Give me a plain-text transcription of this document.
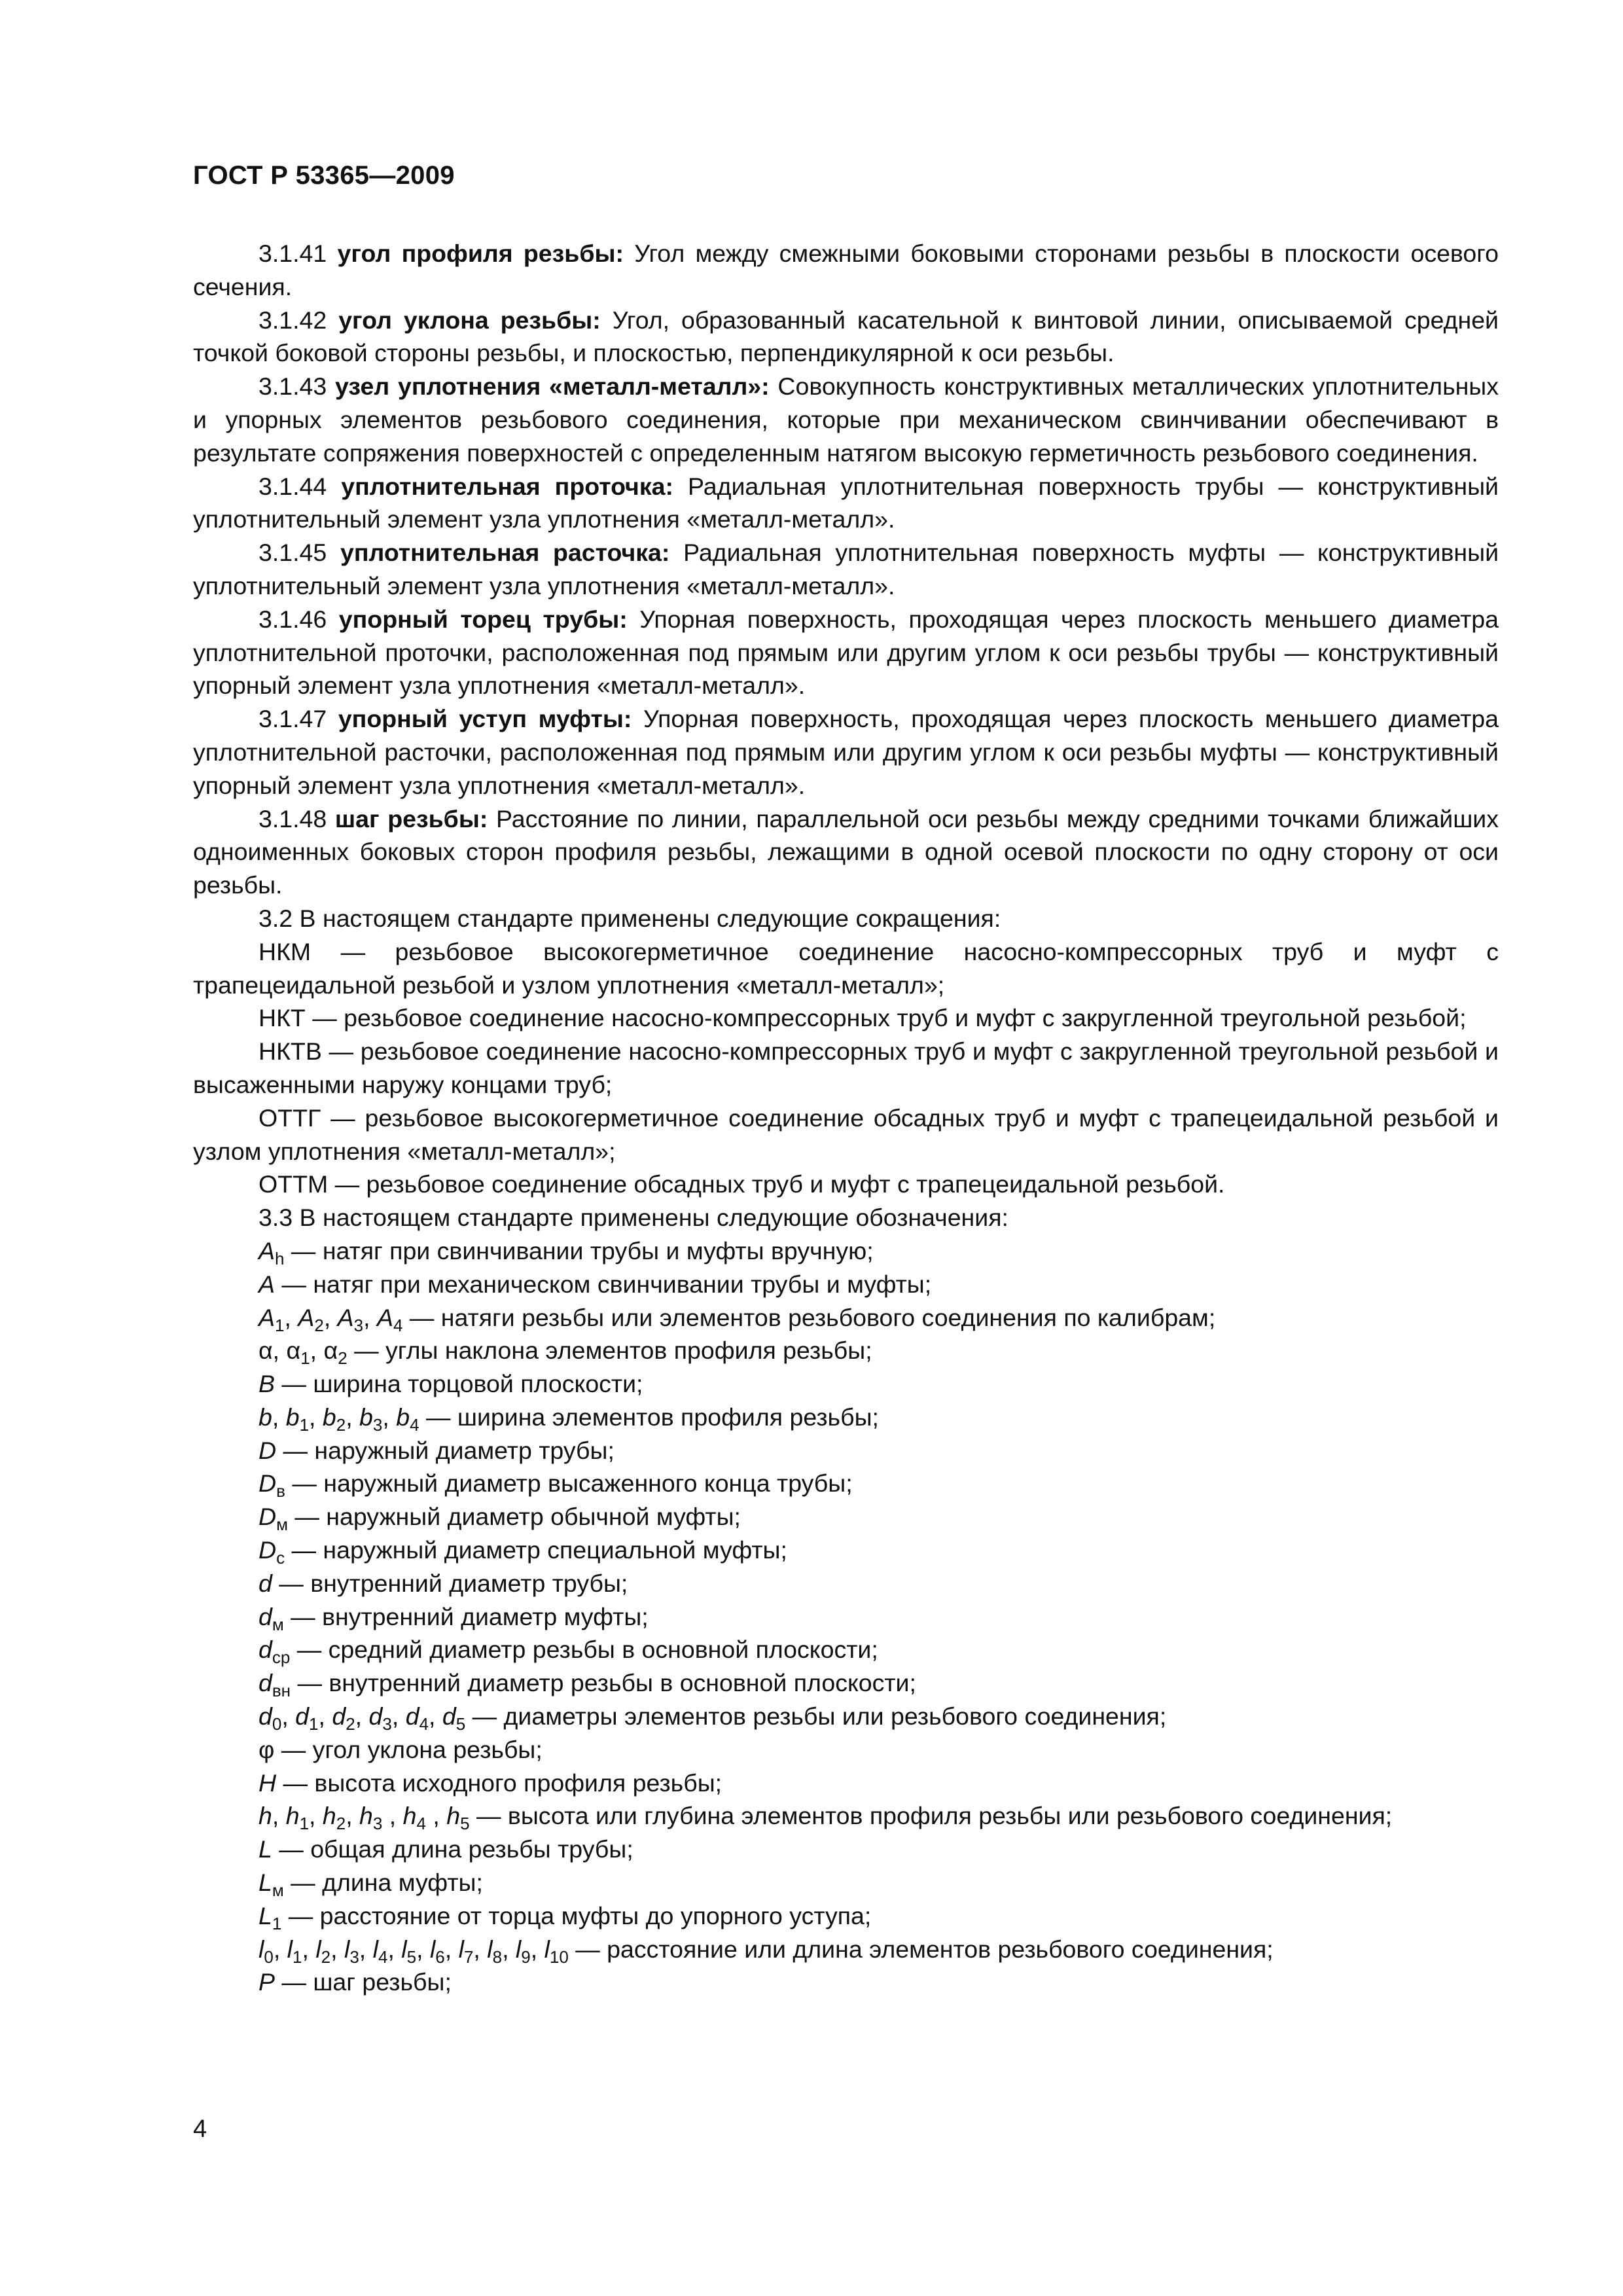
ГОСТ Р 53365—2009

3.1.41 угол профиля резьбы: Угол между смежными боковыми сторонами резьбы в плоскости осевого сечения.

3.1.42 угол уклона резьбы: Угол, образованный касательной к винтовой линии, описываемой средней точкой боковой стороны резьбы, и плоскостью, перпендикулярной к оси резьбы.

3.1.43 узел уплотнения «металл-металл»: Совокупность конструктивных металлических уплотнительных и упорных элементов резьбового соединения, которые при механическом свинчивании обеспечивают в результате сопряжения поверхностей с определенным натягом высокую герметичность резьбового соединения.

3.1.44 уплотнительная проточка: Радиальная уплотнительная поверхность трубы — конструктивный уплотнительный элемент узла уплотнения «металл-металл».

3.1.45 уплотнительная расточка: Радиальная уплотнительная поверхность муфты — конструктивный уплотнительный элемент узла уплотнения «металл-металл».

3.1.46 упорный торец трубы: Упорная поверхность, проходящая через плоскость меньшего диаметра уплотнительной проточки, расположенная под прямым или другим углом к оси резьбы трубы — конструктивный упорный элемент узла уплотнения «металл-металл».

3.1.47 упорный уступ муфты: Упорная поверхность, проходящая через плоскость меньшего диаметра уплотнительной расточки, расположенная под прямым или другим углом к оси резьбы муфты — конструктивный упорный элемент узла уплотнения «металл-металл».

3.1.48 шаг резьбы: Расстояние по линии, параллельной оси резьбы между средними точками ближайших одноименных боковых сторон профиля резьбы, лежащими в одной осевой плоскости по одну сторону от оси резьбы.

3.2 В настоящем стандарте применены следующие сокращения:

НКМ — резьбовое высокогерметичное соединение насосно-компрессорных труб и муфт с трапецеидальной резьбой и узлом уплотнения «металл-металл»;

НКТ — резьбовое соединение насосно-компрессорных труб и муфт с закругленной треугольной резьбой;

НКТВ — резьбовое соединение насосно-компрессорных труб и муфт с закругленной треугольной резьбой и высаженными наружу концами труб;

ОТТГ — резьбовое высокогерметичное соединение обсадных труб и муфт с трапецеидальной резьбой и узлом уплотнения «металл-металл»;

ОТТМ — резьбовое соединение обсадных труб и муфт с трапецеидальной резьбой.

3.3 В настоящем стандарте применены следующие обозначения:

$A_h$ — натяг при свинчивании трубы и муфты вручную;

A — натяг при механическом свинчивании трубы и муфты;

$A_1$, $A_2$, $A_3$, $A_4$ — натяги резьбы или элементов резьбового соединения по калибрам;

α, $\alpha_1$, $\alpha_2$ — углы наклона элементов профиля резьбы;

B — ширина торцовой плоскости;

b, $b_1$, $b_2$, $b_3$, $b_4$ — ширина элементов профиля резьбы;

D — наружный диаметр трубы;

$D_в$ — наружный диаметр высаженного конца трубы;

$D_м$ — наружный диаметр обычной муфты;

$D_с$ — наружный диаметр специальной муфты;

d — внутренний диаметр трубы;

$d_м$ — внутренний диаметр муфты;

$d_{ср}$ — средний диаметр резьбы в основной плоскости;

$d_{вн}$ — внутренний диаметр резьбы в основной плоскости;

$d_0$, $d_1$, $d_2$, $d_3$, $d_4$, $d_5$ — диаметры элементов резьбы или резьбового соединения;

φ — угол уклона резьбы;

H — высота исходного профиля резьбы;

h, $h_1$, $h_2$, $h_3$ , $h_4$ , $h_5$ — высота или глубина элементов профиля резьбы или резьбового соединения;

L — общая длина резьбы трубы;

$L_м$ — длина муфты;

$L_1$ — расстояние от торца муфты до упорного уступа;

$l_0$, $l_1$, $l_2$, $l_3$, $l_4$, $l_5$, $l_6$, $l_7$, $l_8$, $l_9$, $l_{10}$ — расстояние или длина элементов резьбового соединения;

P — шаг резьбы;

4
